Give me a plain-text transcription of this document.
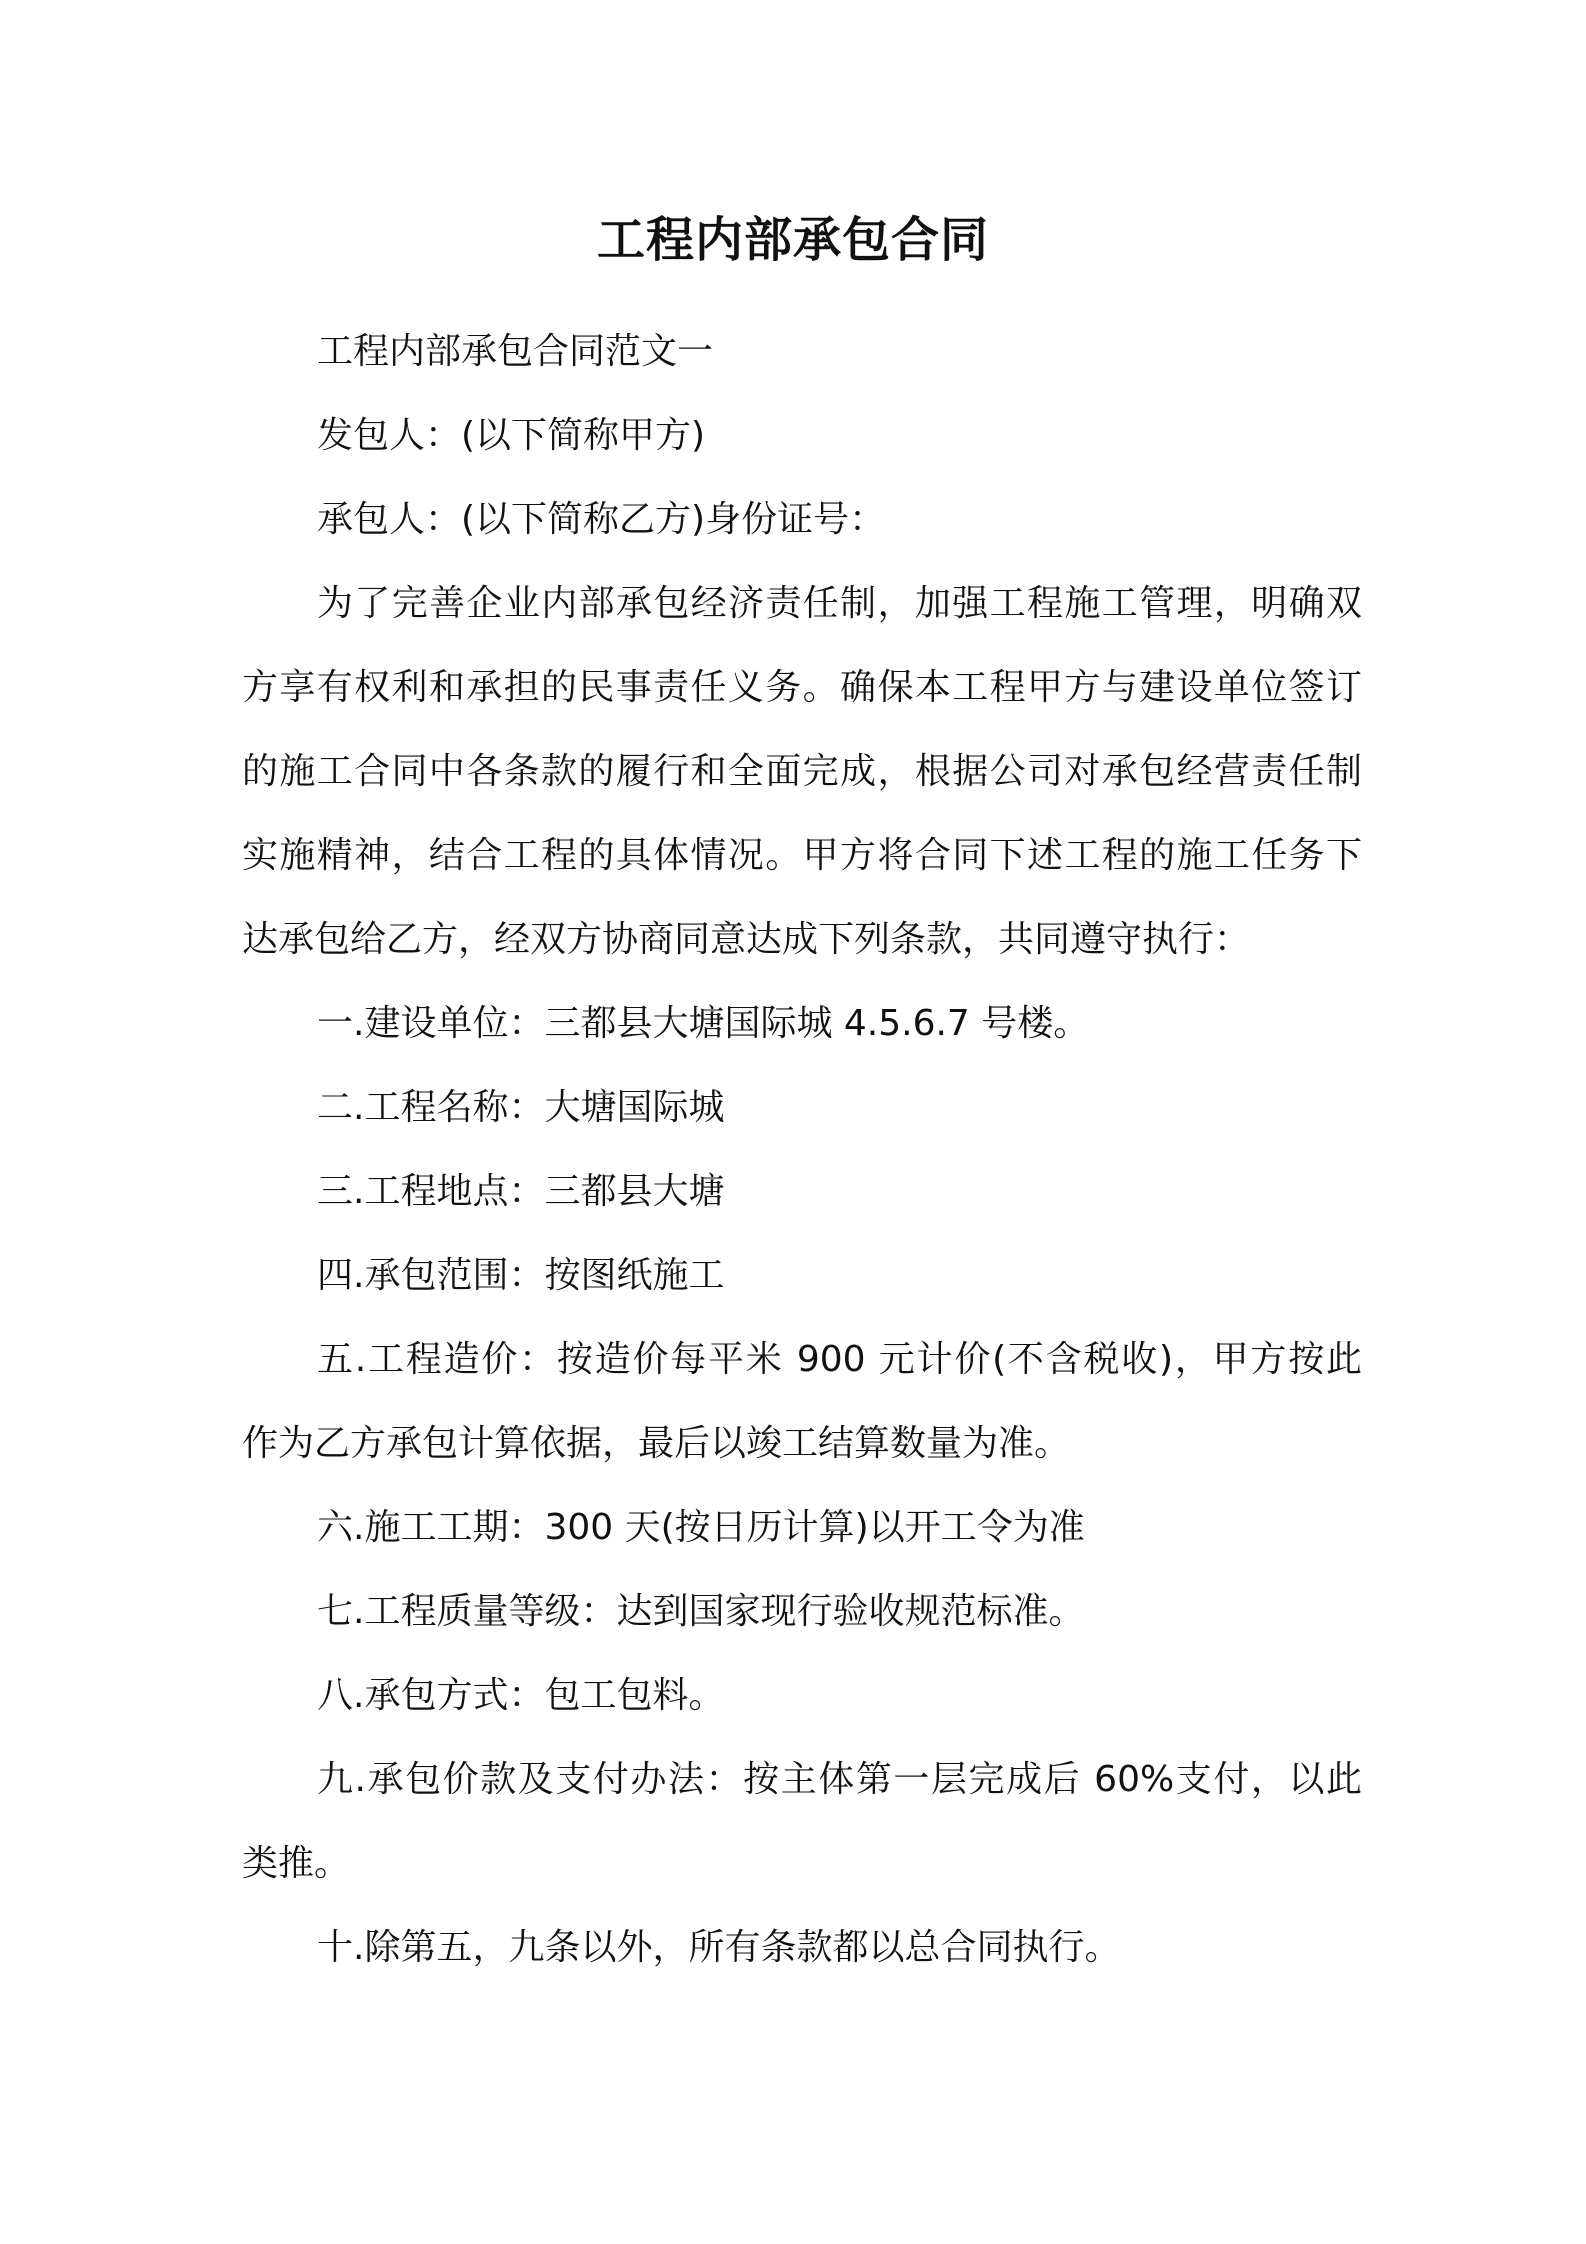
工程内部承包合同

工程内部承包合同范文一

发包人：(以下简称甲方)

承包人：(以下简称乙方)身份证号：

为了完善企业内部承包经济责任制，加强工程施工管理，明确双

方享有权利和承担的民事责任义务。确保本工程甲方与建设单位签订

的施工合同中各条款的履行和全面完成，根据公司对承包经营责任制

实施精神，结合工程的具体情况。甲方将合同下述工程的施工任务下

达承包给乙方，经双方协商同意达成下列条款，共同遵守执行：

一.建设单位：三都县大塘国际城 4.5.6.7 号楼。

二.工程名称：大塘国际城

三.工程地点：三都县大塘

四.承包范围：按图纸施工

五.工程造价：按造价每平米 900 元计价(不含税收)，甲方按此

作为乙方承包计算依据，最后以竣工结算数量为准。

六.施工工期：300 天(按日历计算)以开工令为准

七.工程质量等级：达到国家现行验收规范标准。

八.承包方式：包工包料。

九.承包价款及支付办法：按主体第一层完成后 60%支付，以此

类推。

十.除第五，九条以外，所有条款都以总合同执行。
